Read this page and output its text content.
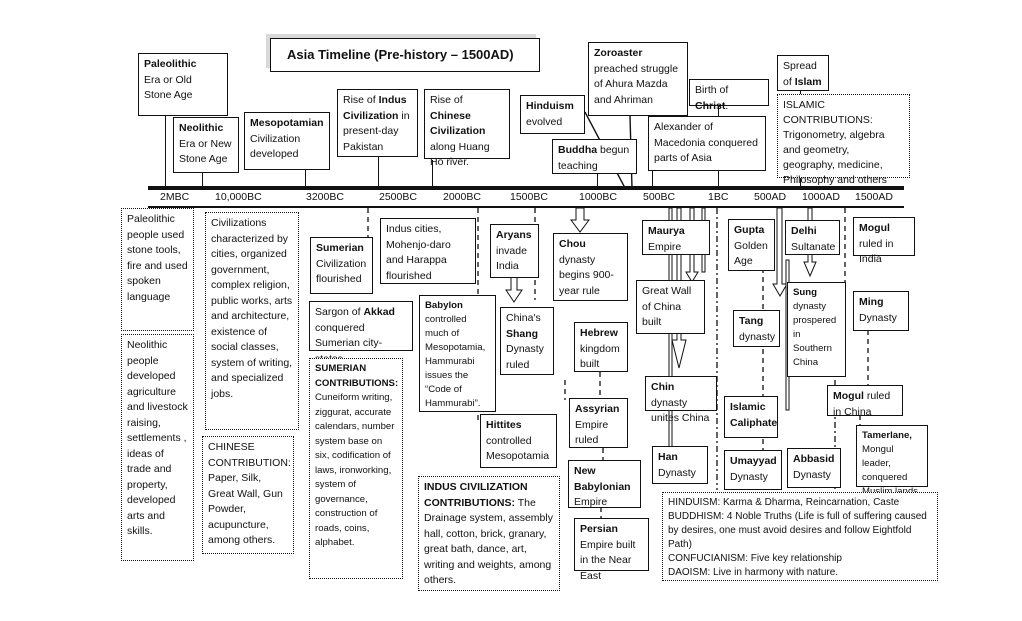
Asia Timeline (Pre-history – 1500AD)
2MBC 10,000BC	3200BC	2500BC 2000BC	1500BC	1000BC 500BC	1BC 500AD 1000AD 1500AD
Paleolithic
Era or Old Stone Age
Neolithic
Era or New Stone Age
Mesopotamian
Civilization developed
Rise of Indus Civilization in present-day Pakistan
Rise of Chinese Civilization along Huang Ho river.
Hinduism evolved
Zoroaster preached struggle of Ahura Mazda and Ahriman
Buddha begun teaching
Alexander of Macedonia conquered parts of Asia
Birth of Christ.
Spread of Islam
ISLAMIC CONTRIBUTIONS: Trigonometry, algebra and geometry, geography, medicine, Philosophy and others
Paleolithic people used stone tools, fire and used spoken language
Neolithic people developed agriculture and livestock raising, settlements , ideas of trade and property, developed arts and skills.
Civilizations characterized by cities, organized government, complex religion, public works, arts and architecture, existence of social classes, system of writing, and specialized jobs.
CHINESE CONTRIBUTION: Paper, Silk, Great Wall, Gun Powder, acupuncture, among others.
Sumerian Civilization flourished
Sargon of Akkad conquered Sumerian city-
SUMERIAN CONTRIBUTIONS: Cuneiform writing, ziggurat, accurate calendars, number system base on six, codification of laws, ironworking, system of governance, construction of roads, coins, alphabet.
Indus cities, Mohenjo-daro and Harappa flourished
Babylon controlled much of Mesopotamia, Hammurabi issues the “Code of Hammurabi”.
INDUS CIVILIZATION CONTRIBUTIONS: The Drainage system, assembly hall, cotton, brick, granary, great bath, dance, art, writing and weights, among others.
Aryans invade India
China's Shang Dynasty ruled
Hittites controlled Mesopotamia
Chou dynasty begins 900-year rule
Hebrew kingdom built
Assyrian Empire ruled
New Babylonian Empire
Persian Empire built in the Near East
Maurya Empire
Great Wall of China built
Chin dynasty unites China
Han Dynasty
Gupta Golden Age
Tang dynasty
Islamic Caliphate
Umayyad Dynasty
Delhi Sultanate
Sung dynasty prospered in Southern China
Abbasid Dynasty
Mogul ruled in India
Ming Dynasty
Mogul ruled in China
Tamerlane, Mongul leader, conquered
HINDUISM: Karma & Dharma, Reincarnation, Caste
BUDDHISM: 4 Noble Truths (Life is full of suffering caused by desires, one must avoid desires and follow Eightfold Path)
CONFUCIANISM: Five key relationship
DAOISM: Live in harmony with nature.
